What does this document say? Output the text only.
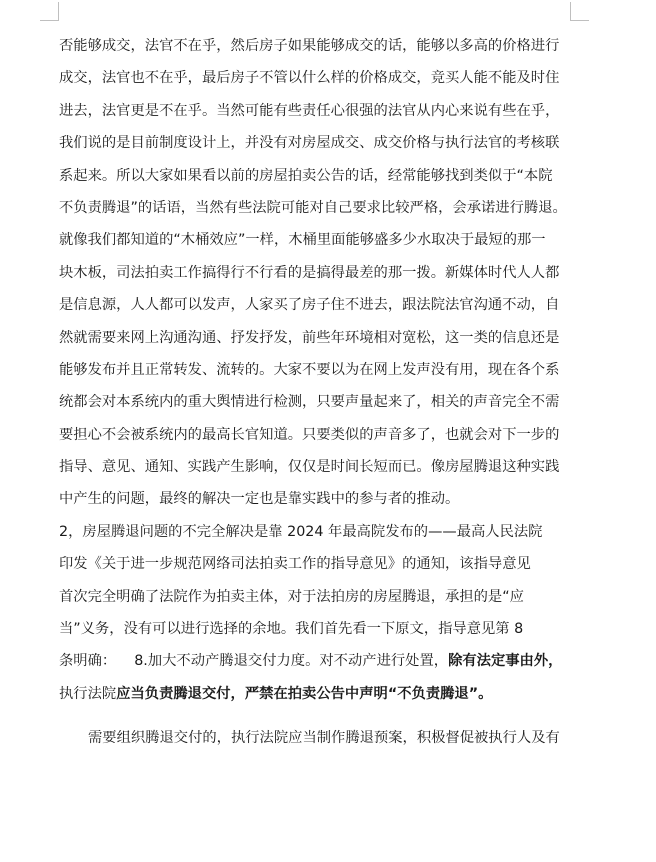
否能够成交，法官不在乎，然后房子如果能够成交的话，能够以多高的价格进行
成交，法官也不在乎，最后房子不管以什么样的价格成交，竞买人能不能及时住
进去，法官更是不在乎。当然可能有些责任心很强的法官从内心来说有些在乎，
我们说的是目前制度设计上，并没有对房屋成交、成交价格与执行法官的考核联
系起来。所以大家如果看以前的房屋拍卖公告的话，经常能够找到类似于“本院
不负责腾退”的话语，当然有些法院可能对自己要求比较严格，会承诺进行腾退。
就像我们都知道的“木桶效应”一样，木桶里面能够盛多少水取决于最短的那一
块木板，司法拍卖工作搞得行不行看的是搞得最差的那一拨。新媒体时代人人都
是信息源，人人都可以发声，人家买了房子住不进去，跟法院法官沟通不动，自
然就需要来网上沟通沟通、抒发抒发，前些年环境相对宽松，这一类的信息还是
能够发布并且正常转发、流转的。大家不要以为在网上发声没有用，现在各个系
统都会对本系统内的重大舆情进行检测，只要声量起来了，相关的声音完全不需
要担心不会被系统内的最高长官知道。只要类似的声音多了，也就会对下一步的
指导、意见、通知、实践产生影响，仅仅是时间长短而已。像房屋腾退这种实践
中产生的问题，最终的解决一定也是靠实践中的参与者的推动。
2，房屋腾退问题的不完全解决是靠 2024 年最高院发布的——最高人民法院
印发《关于进一步规范网络司法拍卖工作的指导意见》的通知，该指导意见
首次完全明确了法院作为拍卖主体，对于法拍房的房屋腾退，承担的是“应
当”义务，没有可以进行选择的余地。我们首先看一下原文，指导意见第 8
条明确： 8.加大不动产腾退交付力度。对不动产进行处置，除有法定事由外，
执行法院应当负责腾退交付，严禁在拍卖公告中声明“不负责腾退”。
需要组织腾退交付的，执行法院应当制作腾退预案，积极督促被执行人及有
